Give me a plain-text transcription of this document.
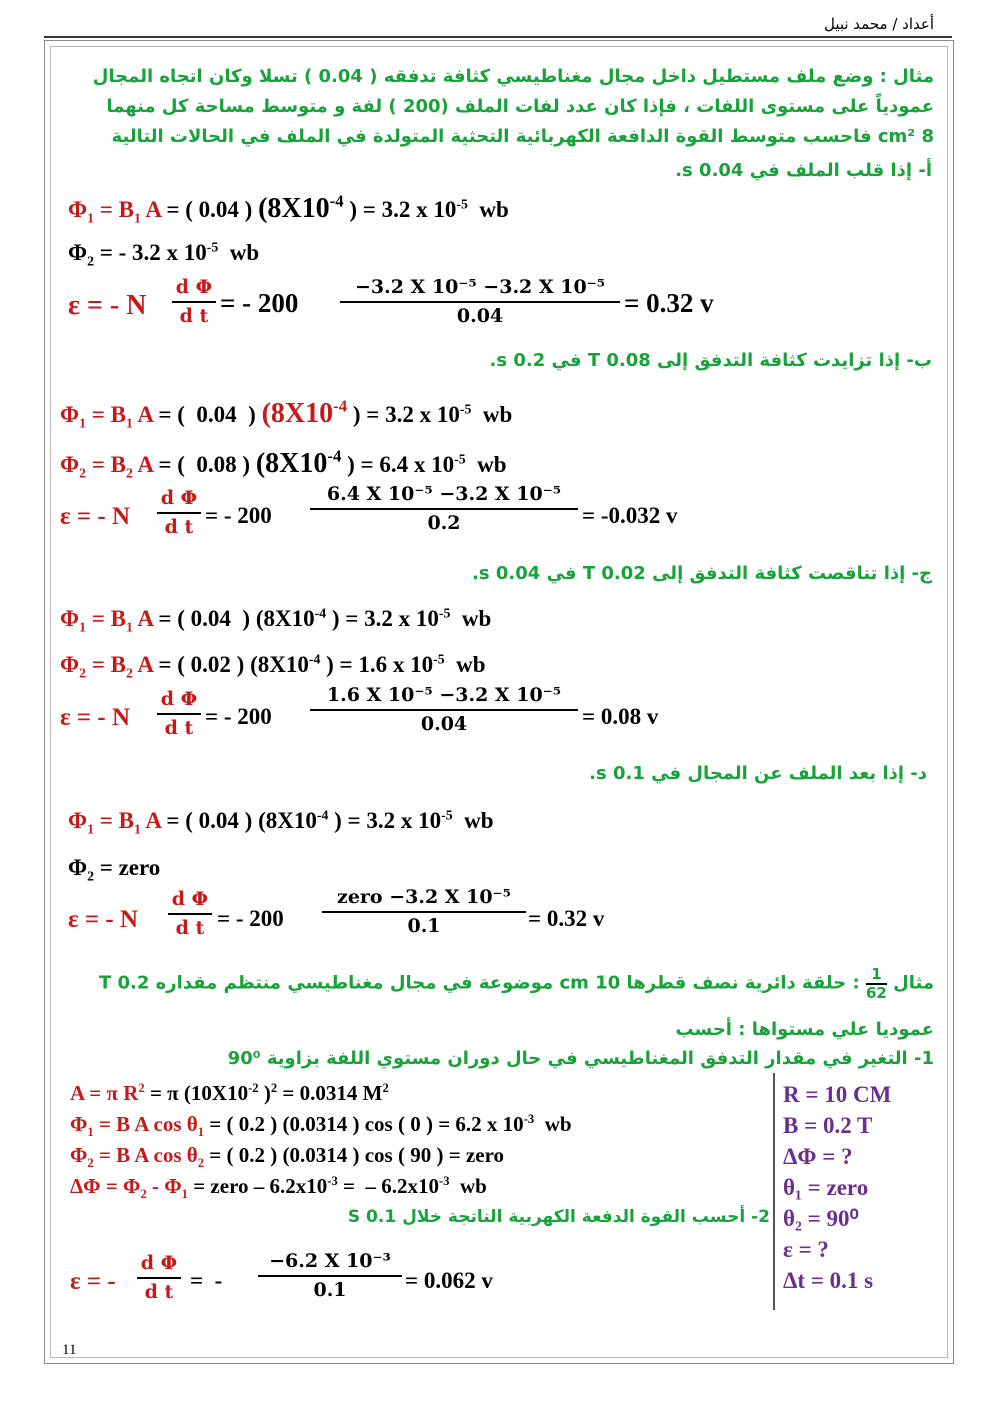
أعداد / محمد نبيل
مثال : وضع ملف مستطيل داخل مجال مغناطيسي كثافة تدفقه ( 0.04 ) تسلا وكان اتجاه المجال
عمودياً على مستوى اللفات ، فإذا كان عدد لفات الملف (200 ) لفة و متوسط مساحة كل منهما
8 cm² فاحسب متوسط القوة الدافعة الكهربائية التحثية المتولدة في الملف في الحالات التالية
أ- إذا قلب الملف في 0.04 s.
$\Phi_1 = B_1$ A = ( 0.04 ) ($8X10^{-4}$ ) = 3.2 x $10^{-5}$  wb
$\Phi_2$ = - 3.2 x $10^{-5}$  wb
ε = - N
d Φ
d t = - 200
−3.2 X 10⁻⁵ −3.2 X 10⁻⁵
0.04	= 0.32 v
ب- إذا تزايدت كثافة التدفق إلى T 0.08 في 0.2 s.
$\Phi_1 = B_1$ A = (  0.04  ) ($8X10^{-4}$ ) = 3.2 x $10^{-5}$  wb
$\Phi_2 = B_2$ A = (  0.08 ) ($8X10^{-4}$ ) = 6.4 x $10^{-5}$  wb
ε = - N
d Φ
d t = - 200
6.4 X 10⁻⁵ −3.2 X 10⁻⁵
0.2	= -0.032 v
ج- إذا تناقصت كثافة التدفق إلى T 0.02 في 0.04 s.
$\Phi_1 = B_1$ A = ( 0.04  ) ($8X10^{-4}$ ) = 3.2 x $10^{-5}$  wb
$\Phi_2 = B_2$ A = ( 0.02 ) ($8X10^{-4}$ ) = 1.6 x $10^{-5}$  wb
ε = - N
d Φ
d t = - 200
1.6 X 10⁻⁵ −3.2 X 10⁻⁵
0.04	= 0.08 v
د- إذا بعد الملف عن المجال في 0.1 s.
$\Phi_1 = B_1$ A = ( 0.04 ) ($8X10^{-4}$ ) = 3.2 x $10^{-5}$  wb
$\Phi_2$ = zero
ε = - N
d Φ
d t = - 200
zero −3.2 X 10⁻⁵
0.1	= 0.32 v
مثال
$\frac{1}{62}$
: حلقة دائرية نصف قطرها 10 cm موضوعة في مجال مغناطيسي منتظم مقداره 0.2 T
عموديا علي مستواها : أحسب
1- التغير في مقدار التدفق المغناطيسي في حال دوران مستوي اللفة بزاوية 90⁰
A = π $R^2 = \pi$ ($10X10^{-2}$ )$^2$ = 0.0314 $M^2$
$\Phi_1 = B$ A $\cos \theta_1$ = ( 0.2 ) (0.0314 ) cos ( 0 ) = 6.2 x $10^{-3}$  wb
$\Phi_2 = B$ A $\cos \theta_2$ = ( 0.2 ) (0.0314 ) cos ( 90 ) = zero
$\Delta\Phi = \Phi_2 - \Phi_1$ = zero – $6.2x10^{-3}$ =  – $6.2x10^{-3}$  wb
2- أحسب القوة الدفعة الكهربية الناتجة خلال 0.1 S
ε = -
d Φ
d t =  -
−6.2 X 10⁻³
0.1	= 0.062 v
R = 10 CM
B = 0.2 T
ΔΦ = ?
θ₁ = zero
θ₂ = 90⁰
ε = ?
Δt = 0.1 s
11
